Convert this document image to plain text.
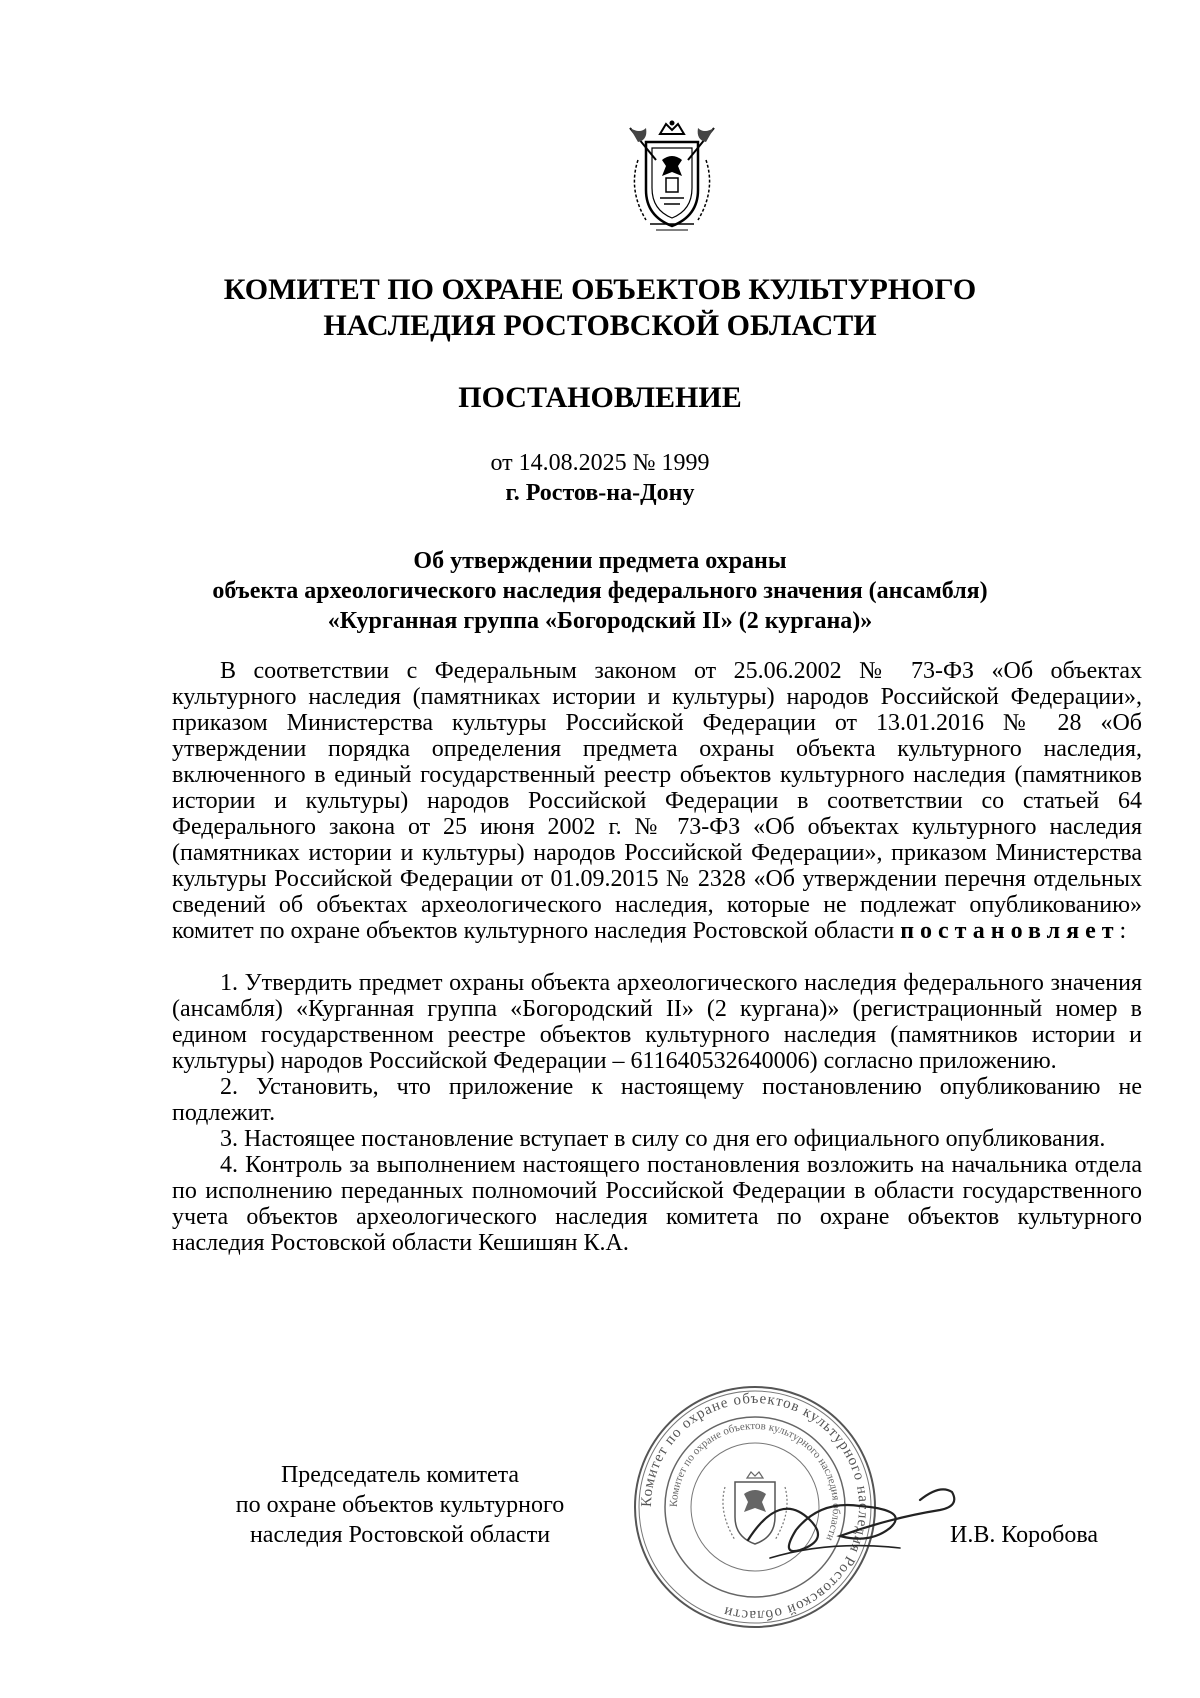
КОМИТЕТ ПО ОХРАНЕ ОБЪЕКТОВ КУЛЬТУРНОГО
НАСЛЕДИЯ РОСТОВСКОЙ ОБЛАСТИ
ПОСТАНОВЛЕНИЕ
от 14.08.2025 № 1999
г. Ростов-на-Дону
Об утверждении предмета охраны
объекта археологического наследия федерального значения (ансамбля)
«Курганная группа «Богородский II» (2 кургана)»

В соответствии с Федеральным законом от 25.06.2002 № 73-ФЗ «Об объектах культурного наследия (памятниках истории и культуры) народов Российской Федерации», приказом Министерства культуры Российской Федерации от 13.01.2016 № 28 «Об утверждении порядка определения предмета охраны объекта культурного наследия, включенного в единый государственный реестр объектов культурного наследия (памятников истории и культуры) народов Российской Федерации в соответствии со статьей 64 Федерального закона от 25 июня 2002 г. № 73-ФЗ «Об объектах культурного наследия (памятниках истории и культуры) народов Российской Федерации», приказом Министерства культуры Российской Федерации от 01.09.2015 № 2328 «Об утверждении перечня отдельных сведений об объектах археологического наследия, которые не подлежат опубликованию» комитет по охране объектов культурного наследия Ростовской области постановляет:

1. Утвердить предмет охраны объекта археологического наследия федерального значения (ансамбля) «Курганная группа «Богородский II» (2 кургана)» (регистрационный номер в едином государственном реестре объектов культурного наследия (памятников истории и культуры) народов Российской Федерации – 611640532640006) согласно приложению.

2. Установить, что приложение к настоящему постановлению опубликованию не подлежит.

3. Настоящее постановление вступает в силу со дня его официального опубликования.

4. Контроль за выполнением настоящего постановления возложить на начальника отдела по исполнению переданных полномочий Российской Федерации в области государственного учета объектов археологического наследия комитета по охране объектов культурного наследия Ростовской области Кешишян К.А.

Председатель комитета
по охране объектов культурного
наследия Ростовской области
Комитет по охране объектов культурного наследия Ростовской области
Комитет по охране объектов культурного наследия области	И.В. Коробова
